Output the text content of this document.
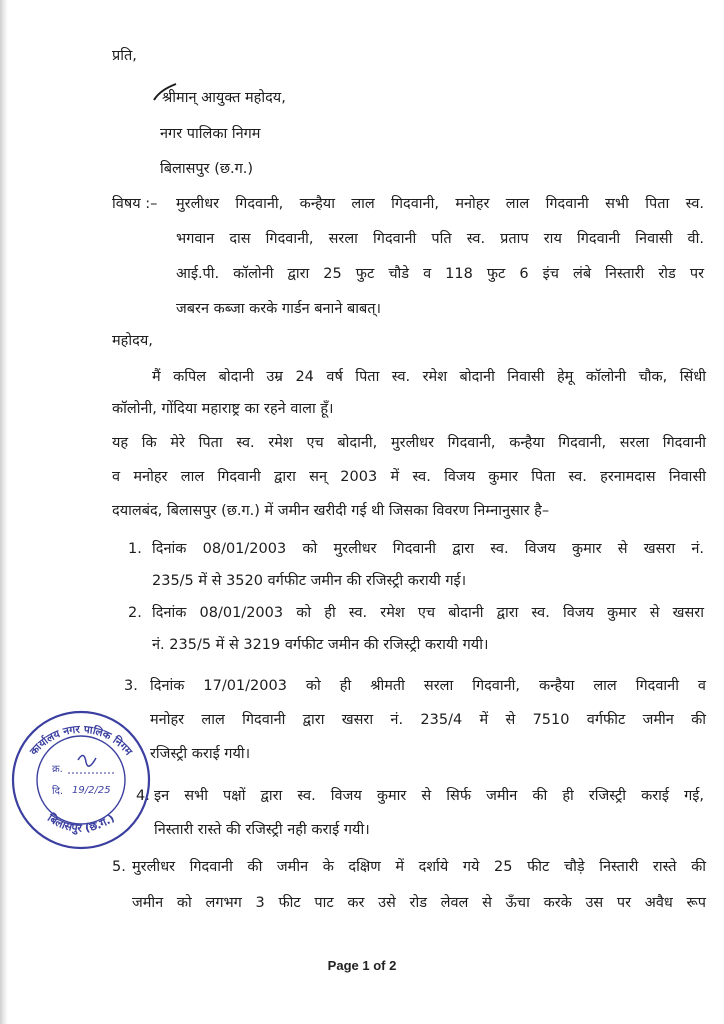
प्रति,
श्रीमान् आयुक्त महोदय,
नगर पालिका निगम
बिलासपुर (छ.ग.)
विषय :– मुरलीधर गिदवानी, कन्हैया लाल गिदवानी, मनोहर लाल गिदवानी सभी पिता स्व.
भगवान दास गिदवानी, सरला गिदवानी पति स्व. प्रताप राय गिदवानी निवासी वी.
आई.पी. कॉलोनी द्वारा 25 फुट चौडे व 118 फुट 6 इंच लंबे निस्तारी रोड पर
जबरन कब्जा करके गार्डन बनाने बाबत्।
महोदय,
मैं कपिल बोदानी उम्र 24 वर्ष पिता स्व. रमेश बोदानी निवासी हेमू कॉलोनी चौक, सिंधी
कॉलोनी, गोंदिया महाराष्ट्र का रहने वाला हूँ।
यह कि मेरे पिता स्व. रमेश एच बोदानी, मुरलीधर गिदवानी, कन्हैया गिदवानी, सरला गिदवानी
व मनोहर लाल गिदवानी द्वारा सन् 2003 में स्व. विजय कुमार पिता स्व. हरनामदास निवासी
दयालबंद, बिलासपुर (छ.ग.) में जमीन खरीदी गई थी जिसका विवरण निम्नानुसार है–
1. दिनांक 08/01/2003 को मुरलीधर गिदवानी द्वारा स्व. विजय कुमार से खसरा नं.
235/5 में से 3520 वर्गफीट जमीन की रजिस्ट्री करायी गई।
2. दिनांक 08/01/2003 को ही स्व. रमेश एच बोदानी द्वारा स्व. विजय कुमार से खसरा
नं. 235/5 में से 3219 वर्गफीट जमीन की रजिस्ट्री करायी गयी।
3. दिनांक 17/01/2003 को ही श्रीमती सरला गिदवानी, कन्हैया लाल गिदवानी व
मनोहर लाल गिदवानी द्वारा खसरा नं. 235/4 में से 7510 वर्गफीट जमीन की
रजिस्ट्री कराई गयी।
4. इन सभी पक्षों द्वारा स्व. विजय कुमार से सिर्फ जमीन की ही रजिस्ट्री कराई गई,
निस्तारी रास्ते की रजिस्ट्री नही कराई गयी।
5. मुरलीधर गिदवानी की जमीन के दक्षिण में दर्शाये गये 25 फीट चौड़े निस्तारी रास्ते की
जमीन को लगभग 3 फीट पाट कर उसे रोड लेवल से ऊँचा करके उस पर अवैध रूप
कार्यालय नगर पालिक निगम
बिलासपुर (छ.ग.)
क्र.
दि. 19/2/25
Page 1 of 2
